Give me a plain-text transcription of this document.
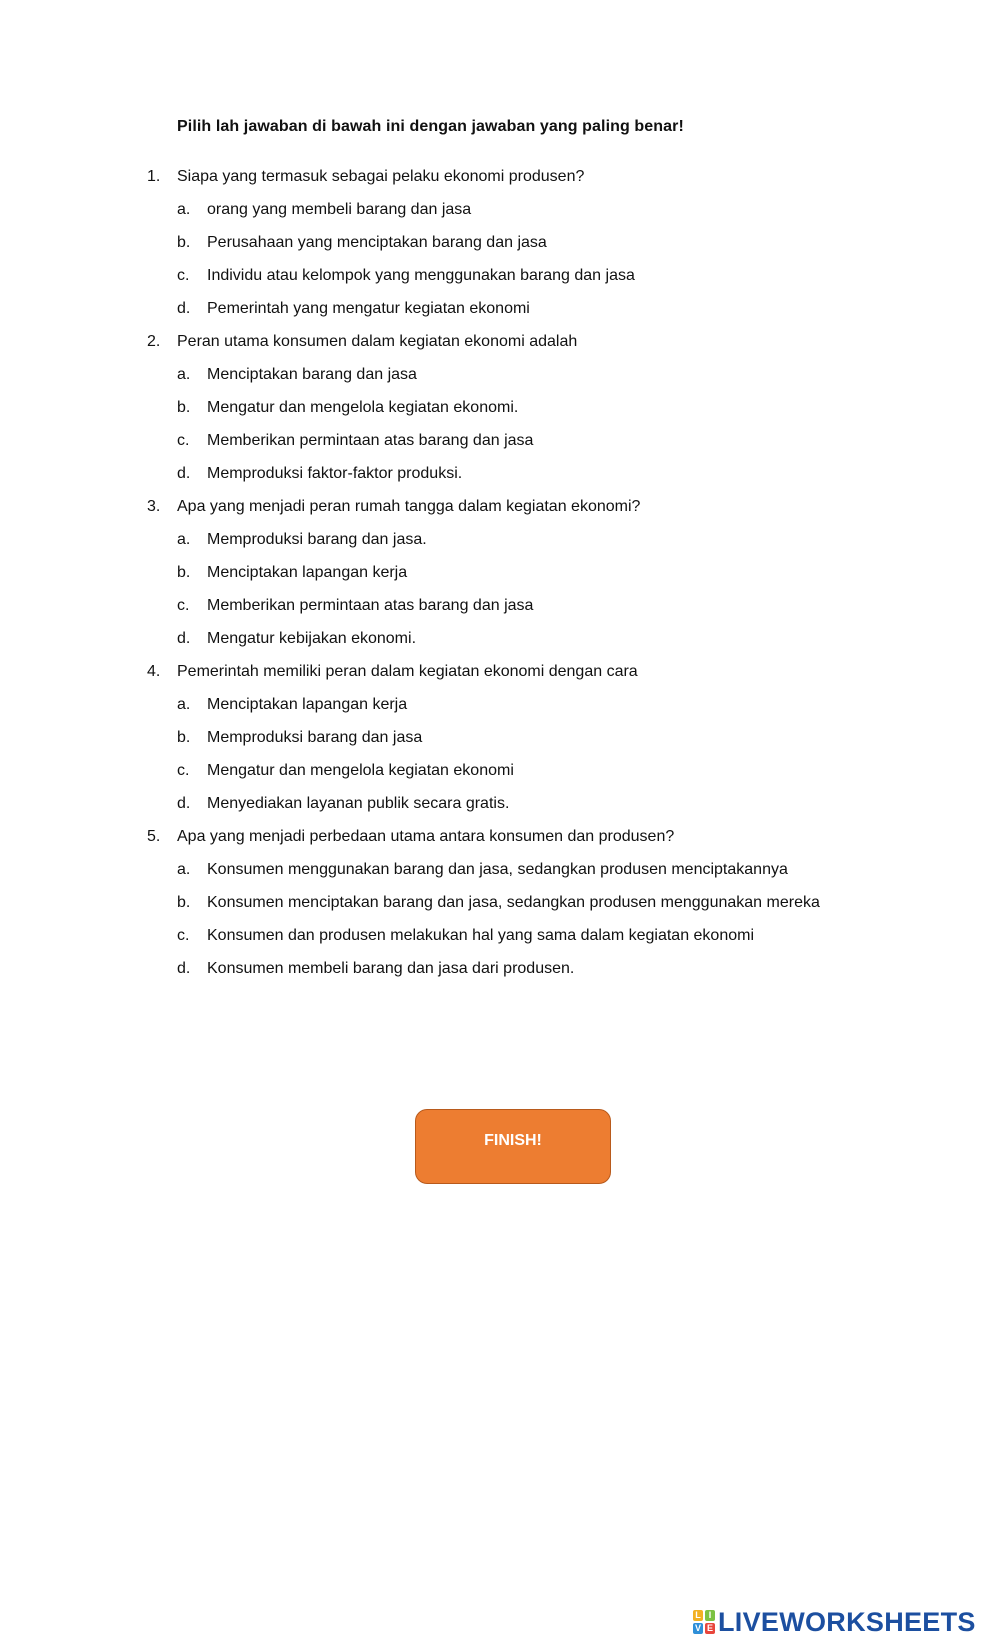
Pilih lah jawaban di bawah ini dengan jawaban yang paling benar!
1. Siapa yang termasuk sebagai pelaku ekonomi produsen?
a. orang yang membeli barang dan jasa
b. Perusahaan yang menciptakan barang dan jasa
c. Individu atau kelompok yang menggunakan barang dan jasa
d. Pemerintah yang mengatur kegiatan ekonomi
2. Peran utama konsumen dalam kegiatan ekonomi adalah
a. Menciptakan barang dan jasa
b. Mengatur dan mengelola kegiatan ekonomi.
c. Memberikan permintaan atas barang dan jasa
d. Memproduksi faktor-faktor produksi.
3. Apa yang menjadi peran rumah tangga dalam kegiatan ekonomi?
a. Memproduksi barang dan jasa.
b. Menciptakan lapangan kerja
c. Memberikan permintaan atas barang dan jasa
d. Mengatur kebijakan ekonomi.
4. Pemerintah memiliki peran dalam kegiatan ekonomi dengan cara
a. Menciptakan lapangan kerja
b. Memproduksi barang dan jasa
c. Mengatur dan mengelola kegiatan ekonomi
d. Menyediakan layanan publik secara gratis.
5. Apa yang menjadi perbedaan utama antara konsumen dan produsen?
a. Konsumen menggunakan barang dan jasa, sedangkan produsen menciptakannya
b. Konsumen menciptakan barang dan jasa, sedangkan produsen menggunakan mereka
c. Konsumen dan produsen melakukan hal yang sama dalam kegiatan ekonomi
d. Konsumen membeli barang dan jasa dari produsen.
FINISH!
L I
V E LIVEWORKSHEETS
